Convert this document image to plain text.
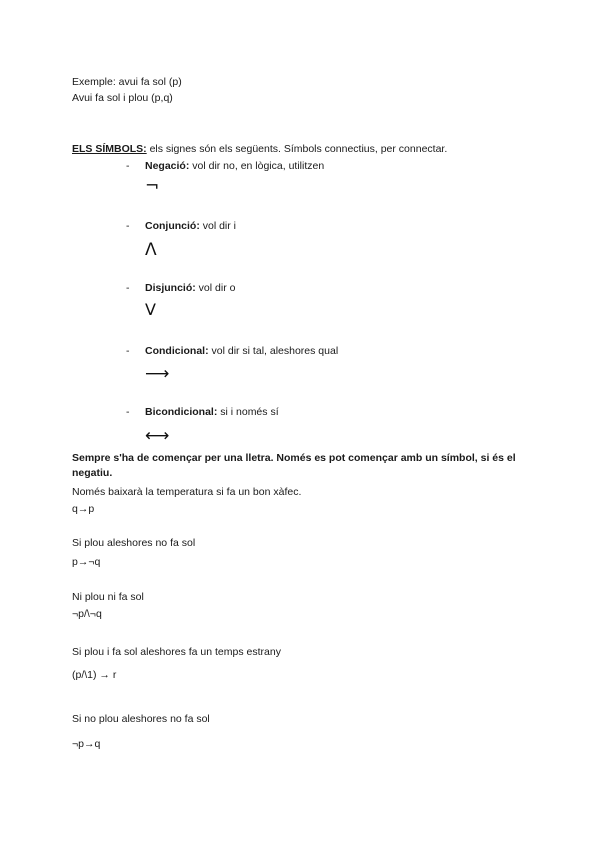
Exemple: avui fa sol (p)
Avui fa sol i plou (p,q)
ELS SÍMBOLS: els signes són els següents. Símbols connectius, per connectar.
- Negació: vol dir no, en lògica, utilitzen
¬
- Conjunció: vol dir i
Λ
- Disjunció: vol dir o
V
- Condicional: vol dir si tal, aleshores qual
⟶
- Bicondicional: si i només sí
⟷
Sempre s'ha de començar per una lletra. Només es pot començar amb un símbol, si és el negatiu.
Només baixarà la temperatura si fa un bon xàfec.
q→p
Si plou aleshores no fa sol
p→¬q
Ni plou ni fa sol
¬p/\¬q
Si plou i fa sol aleshores fa un temps estrany
(p/\1) → r
Si no plou aleshores no fa sol
¬p→q
